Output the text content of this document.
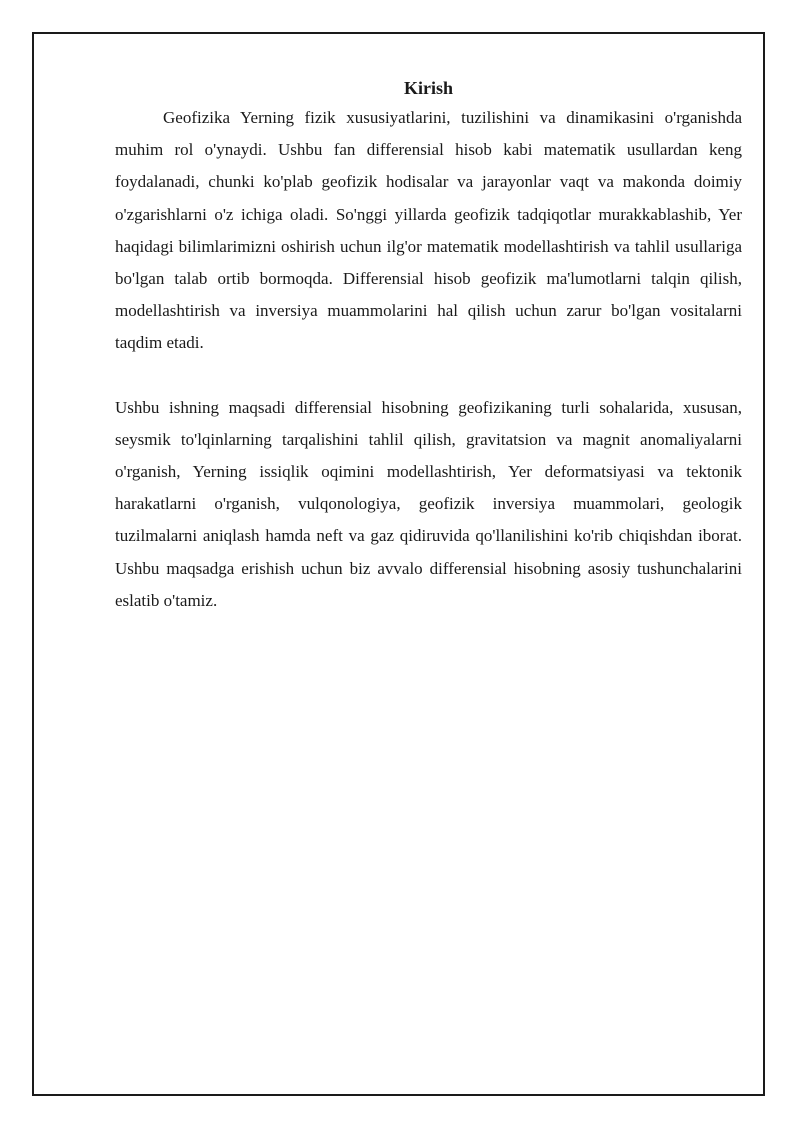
Kirish

Geofizika Yerning fizik xususiyatlarini, tuzilishini va dinamikasini o'rganishda muhim rol o'ynaydi. Ushbu fan differensial hisob kabi matematik usullardan keng foydalanadi, chunki ko'plab geofizik hodisalar va jarayonlar vaqt va makonda doimiy o'zgarishlarni o'z ichiga oladi. So'nggi yillarda geofizik tadqiqotlar murakkablashib, Yer haqidagi bilimlarimizni oshirish uchun ilg'or matematik modellashtirish va tahlil usullariga bo'lgan talab ortib bormoqda. Differensial hisob geofizik ma'lumotlarni talqin qilish, modellashtirish va inversiya muammolarini hal qilish uchun zarur bo'lgan vositalarni taqdim etadi.

Ushbu ishning maqsadi differensial hisobning geofizikaning turli sohalarida, xususan, seysmik to'lqinlarning tarqalishini tahlil qilish, gravitatsion va magnit anomaliyalarni o'rganish, Yerning issiqlik oqimini modellashtirish, Yer deformatsiyasi va tektonik harakatlarni o'rganish, vulqonologiya, geofizik inversiya muammolari, geologik tuzilmalarni aniqlash hamda neft va gaz qidiruvida qo'llanilishini ko'rib chiqishdan iborat. Ushbu maqsadga erishish uchun biz avvalo differensial hisobning asosiy tushunchalarini eslatib o'tamiz.
